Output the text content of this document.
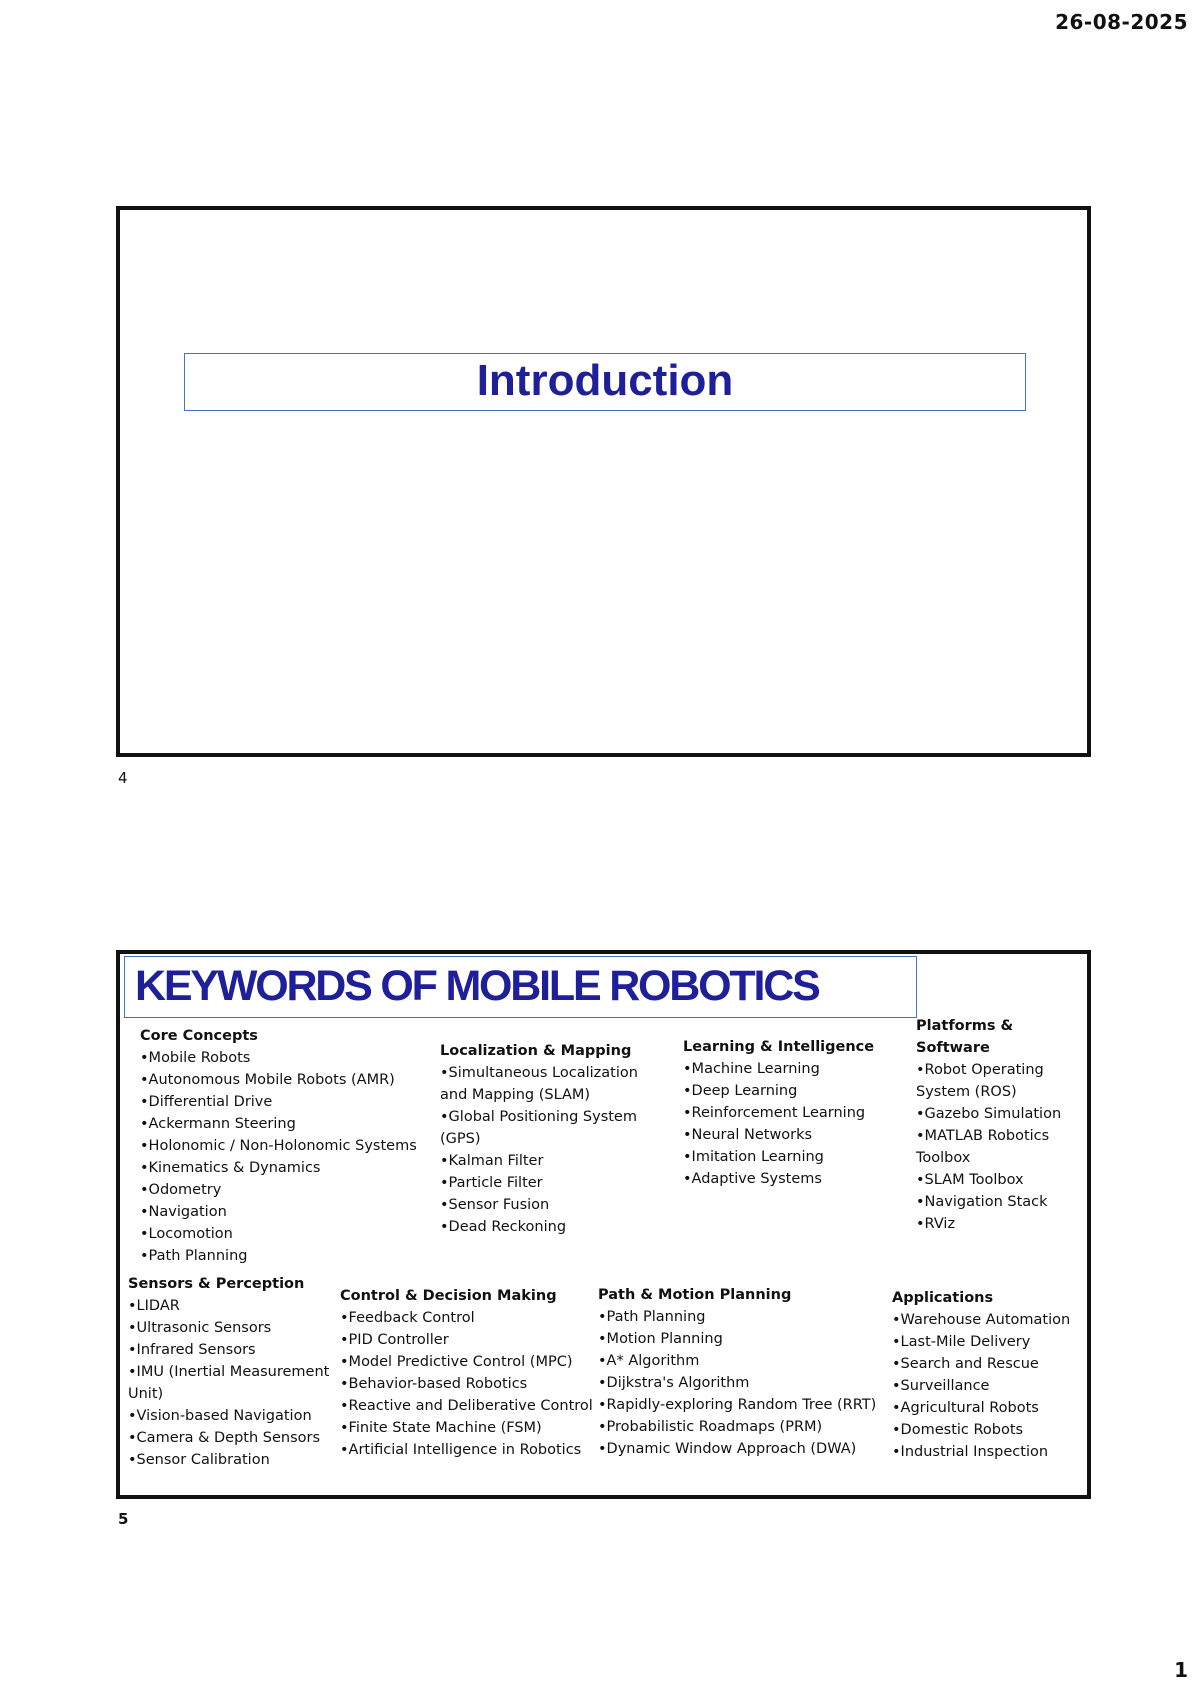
26-08-2025
Introduction
4
KEYWORDS OF MOBILE ROBOTICS
Core Concepts
•Mobile Robots
•Autonomous Mobile Robots (AMR)
•Differential Drive
•Ackermann Steering
•Holonomic / Non-Holonomic Systems
•Kinematics & Dynamics
•Odometry
•Navigation
•Locomotion
•Path Planning
Localization & Mapping
•Simultaneous Localization and Mapping (SLAM)
•Global Positioning System (GPS)
•Kalman Filter
•Particle Filter
•Sensor Fusion
•Dead Reckoning
Learning & Intelligence
•Machine Learning
•Deep Learning
•Reinforcement Learning
•Neural Networks
•Imitation Learning
•Adaptive Systems
Platforms & Software
•Robot Operating System (ROS)
•Gazebo Simulation
•MATLAB Robotics Toolbox
•SLAM Toolbox
•Navigation Stack
•RViz
Sensors & Perception
•LIDAR
•Ultrasonic Sensors
•Infrared Sensors
•IMU (Inertial Measurement Unit)
•Vision-based Navigation
•Camera & Depth Sensors
•Sensor Calibration
Control & Decision Making
•Feedback Control
•PID Controller
•Model Predictive Control (MPC)
•Behavior-based Robotics
•Reactive and Deliberative Control
•Finite State Machine (FSM)
•Artificial Intelligence in Robotics
Path & Motion Planning
•Path Planning
•Motion Planning
•A* Algorithm
•Dijkstra's Algorithm
•Rapidly-exploring Random Tree (RRT)
•Probabilistic Roadmaps (PRM)
•Dynamic Window Approach (DWA)
Applications
•Warehouse Automation
•Last-Mile Delivery
•Search and Rescue
•Surveillance
•Agricultural Robots
•Domestic Robots
•Industrial Inspection
5
1
